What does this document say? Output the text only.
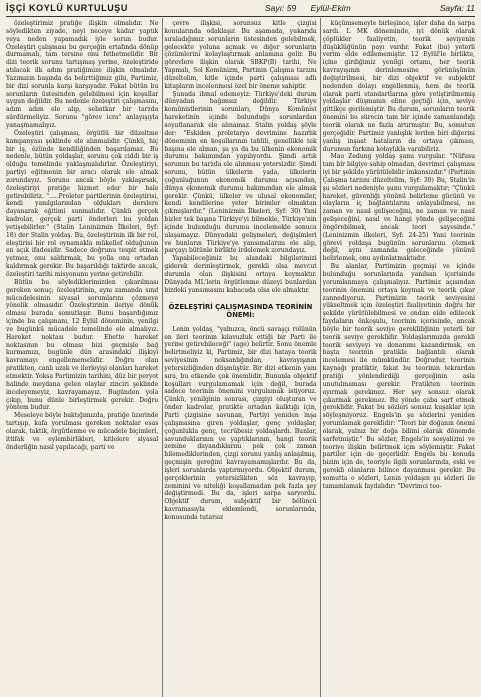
İŞÇİ KOYLÜ KURTULUŞU	Sayı: 59 Eylül-Ekim	Sayfa: 11

özeleştirimiz pratiğe ilişkin olmalıdır. Ne söyledikten ziyade, neyi neceye kadar yaptık veya neden yapamadık iyle sorun budur. Özeleştiri çalışması bu gerçeğin ertafında dönüp durmamalı, tam tersine onu fethetmelidir. Bir dizi teorik sorunu tartışmaş yerine, özeleştiride atılacak ilk adım pratiğimize ilişkin olmalıdır. Yazımızın başında da belirttiğimiz gibi, Partimiz, bir dizi sorunla karşı karşıyadır. Fakat bütün bu sorunların üstesinden gelebilmesi için koşullar uygun değildir. Bu nedenle özeleştiri çalışmasını, adım adım ele alıp, sebatkar bir tarzda sürdürmeliyiz. Sorunu "görev icra" anlayışıyla yanaşmamalıyız.

Özeleştiri çalışması, örgütlü bir düzeltme kampanyası şeklinde ele alınmalıdır. Çünkü, hiç bir iş, özünde kendiliğinden başarılamaz. Bu nedenle, bütün yoldaşlar, sorunu çok ciddi bir iş olduğu temelinde yaklaşmalıdırlar. Özeleştiriyi, partiyi eğitmenin bir aracı olarak ele almak zorundayız. Sorunu ancak böyle yaklaşırsak, özeleştiriyi pratiğe hizmet eder bir hale getirebiliriz. ".....Proleter partilerinin özeleştirisi, kendi yanılgılarından oldukları derslere dayanarak eğitimi sunmalıdır. Çünkü gerçek kadrolar, gerçek parti önderleri bu yoldan yetişebilirler." (Stalin Leninizmin İlkeleri, Syf: 18) der Stalin yoldaş. Bu, özeleştirinin ilk bir rol, eleştirisi bir rol oynamakla mükellef olduğunun en açık ifadesidir. Sadece doğrunu tespit etmek yetmez, onu saldırmak, bu yolla onu ortadan kaldırmak gerekir. Bu başarıldığı taktirde ancak, özeleştiri tarihi misyonunu yerine getirebilir.

Bütün bu söylediklerimizden çıkarılması gereken sonuç; özeleştirinin, aynı zamanda sınıf mücadelesinin siyasal sorumlarını çözmeye yönelik olmasıdır. Özeleştirinin ileriye dönük olması burada somutlaşır. Bunu başardığımız içinde bu çalışmanı, 12 Eylül döneminin, yenilgi ve bugünkü mücadele temelinde ele almalıyız. Hareket noktası budur. Ebette hareket noktasının bu olması bizi geçmişle bağ kurmamızı, bugünle dün arasındaki ilişkiyi kavramayı engellememelidir. Doğru olan pratikten, canlı uzak ve ilerleyişi olanları hareket etmektir. Yoksa Partimizin tarihini, düz bir peryot halinde meydana gelen olaylar zinciri şeklinde inceleyemeyiz, kavrayamayız. Bugünden yola çıkıp, bunu dünle birleştirmek gerekir. Doğru yöntem budur.

Meseleye böyle baktığımızda, pratiğe üzerinde tartışıp, kafa yorulması gereken noktalar esas olarak, taktik, örgütlenme ve mücadele biçimleri, ittifak ve eylembirlikleri, kitlelere siyasal önderliğin nasıl yapılacağı, parti ve

çevre ilişkisi, sorunsuz kitle çizgisi konularında odaklaşır. Bu aşamada, yukarıda sıraladığımız sorunların üstesinden gelebilmek, gelecekte yoluna açmak ve diğer sorunların çözümlerini kolaylaştırmak anlamına gelir. Bu görevlere ilişkin olarak SBKP(B) tarihi, Ne Yapmalı, Sol Komünizm, Partinin Çalışma tarzını düzeltelim, kitle içinde parti çalışması adlı kitapların incelenmesi özel bir öneme sahiptir.

Şunuda ihmal edemeyiz: Türkiye'deki durum dünyadan bağımsız değildir. Türkiye komünistlerinin sorunları, Dünya Komünist hareketinin içinde bulunduğu sorunlardan soyutlanarak ele alınamaz. Stalin yoldaş şöyle der: "Eskiden proletarya devrimine hazırlık döneminin en koşullarının tahlili, genellikle tek başına ele alınan, şu ya da bu ülkenin ekonomik durumu bakımından yapılıyordu. Şimdi artık sorunun bu tarzda ele alınması yetersizdir. Şimdi sorunu, bütün ülkelerin yada, ülkelerin çoğunluğunun ekonomik durumu açısından, dünya ekonomik durumu bakımından ele almak gerekir. Çünkü, ülkeler ve ulusal ekonomiler, kendi kendilerine yeter birimler olmaktan çıkmışlardır." (Leninizmin İlkeleri, Syf: 30) Yani bizler tek başına Türkiye'yi bilmekle, Türkiye'nin içinde bulunduğu durumu incelemekle sonuca ulaşamayız. Dünyadaki gelişmeleri, değişimleri ve bunların Türkiye'ye yansımalarını ele alıp, parçayı bütünle birlikte irdelemek zorundayız.

Yapabileceğimiz bu alandaki bilgilerimizi giderek derinleştirmek, gerekli olsa mevcut durumla olan ilişkisini ortaya koymaktır. Dünyada ML'lerin örgütlenme düzeyi bunlardan bizdeki yansımasını kabacada olsa ele almaktır.

ÖZELEŞTİRİ ÇALIŞMASINDA TEORİNİN ÖNEMİ:

Lenin yoldaş, "yalnızca, öncü savaşçı rolünün en ileri teorinin kılavuzluk ettiği bir Parti ile yerine getirebileceği" (age) belirtir. Sonu önemle belirtmeliyiz ki, Partimiz, bir dizi hataya teorik seviyesinin noksanlığından, kavrayışının yetersizliğinden düşmüştür. Bir dizi etkenin yanı sıra, bu etkende çok önemlidir. Bununla objektif koşulları vurgulamamak için değil, burada sadece teorinin önemini vurgulamak istiyoruz. Çünkü, yenilginin sonrası, çizgiyi oluşturan ve önder kadrolar, pratikte ortadan kalktığı için, Parti çizgisine savunan, Partiyi yeniden inşa çalışmasına giren yoldaşlar, genç yoldaşlar, çoğunlukla genç, tecrübesiz yoldaşlardı. Bunlar, savunduklarının ve yaptıklarının, hangi teorik zemine dayandıklarını pek çok zaman bilemediklerinden, çizgi sorunu yanlış anlaşılmış, geçmişin gereğini kavrayamamışlardır. Bu da, işleri sorunlarda yaptırmıyordu. Objektif durum, gerçeklerinin yetersizlikten söz kavrayıp, zeminini ve niteliği koşullamadan pek fazla şey değiştirmedi. Bu da, işleri sarpa saryordu. Objektif durum, subjektif bir bölüncü kavramasıyla eklemlendi, sorunlarında, konusunda tutarsız

küçümsemeyle birleşince, işler daha da sarpa sardı. L MK döneminde, iyi dönük olarak çöplükler faaliyetin, teorik seviyenin düşüklüğünün payı vardır. Fakat (bu) yeterli verim elde edilememiştir. 12 Eylül'le birlikte, içine girdiğimiz yenilgi ortamı, her teorik kavrayışının derinlemesine görünüşünün değiştirilmesi, bir dizi objektif ve subjektif nedenden dolayı engellenmiş, hem de teorik olarak parti standartlarına göre yetiştirilmemiş yoldaşlar düşmanın eline geçtiği için, seviye gittikçe gerilemiştir. Bu durum, sorunların teorik önemini bu sürecin tam bir içinde zamanlandığı teorik olarak ne fazla artırmıştır. Bu, somutun gerçeğidir. Partimiz yanlışlık lerden biri diğerini yanlış inşaat hataların da ortaya çıkması, durumun farkına kolaylıkla varabiliriz.

Mao Zedung yoldaş şunu vurgular. "Nüfusu tam bir bilgiye sahip olmadan, devrimci çalışması iyi bir şekilde yürütülebilir imkansızdır." (Partinin Çalışma tarzını düzeltelim, Syf: 30) Bu, Stalin'in şu sözleri nedeniyle şunu vurgulamaktır; "Çünkü hareket, güvenliği yönünü belirleme gücünü ve olayların iç bağlantılarını anlayabilmesi, ne zaman ve nasıl gelişeceğini, ne zaman ve nasıl gelişeceğini, nasıl ve hangi yönde gelişeceğini öngörebilmek, ancak teori sayesinde." (Leninizmin ilkeleri, Syf: 24-25) Yani teorinin görevi yoldaşa bugünün sorunlarını çözmek değil, aynı zamanda geleceğinde yönünü belirlemek, onu aydınlatmaktadır.

Bu alanlar, Partimizin geçmişi ve içinde bulunduğu sorunlarında yanılsan içerisinde yorumlanmaya çalışmalıyız. Partimiz açısından teorinin önemini ortaya koymak ve teorik çıkar zannediyoruz. Partimizin teorik seviyesini yükseltmek için özeleştiri faaliyetinin doğru bir şekilde yürütülebilmesi ve ondan elde edilecek faydaların önkoşulu, teorinin içerisinde, ancak böyle bir teorik seviye gerekliliğinin yeterli bir teorik seviye gereklidir. Yoldaşlarımızda gerekli teorik seviyeyi ve donanımı kazandırmak, en başta teorinin pratikle bağlantılı olarak incelemesi ile mümkündür. Doğrudur, teorinin kaynağı pratiktir, fakat bu teorinin tekrardan pratiği yönlendirdiği gerçeğinin asla unutulmaması gerekir. Pratikten teorinin ayırmak gerekmez. Her şey sonsuz olarak çıkarmak gerekmez. Bu yönde çaba sarf etmek gereklidir. Fakat bu sözleri sonsuz kuşaklar için söyleşmiyoruz. Engels'in şu sözlerini yeniden yorumlamak gereklidir: "Teori bir doğanın önemi olarak, yalnız bir doğa bilimi olarak dönemde sarfetmiştir." Bu sözler, Engels'in sosyalizmi ve teoriye ilişkin belirtmek için söylemiştir. Fakat partiler için de geçerlidir. Engels bu konuda bizim için de, teoriyle ilgili sorunlarında, eski ve gerekli olanların bilince dayanması gerekir. Bu somutta o sözleri, Lenin yoldaşın şu sözleri ile tamamlamak faydalıdır: "Devrimci teo-
